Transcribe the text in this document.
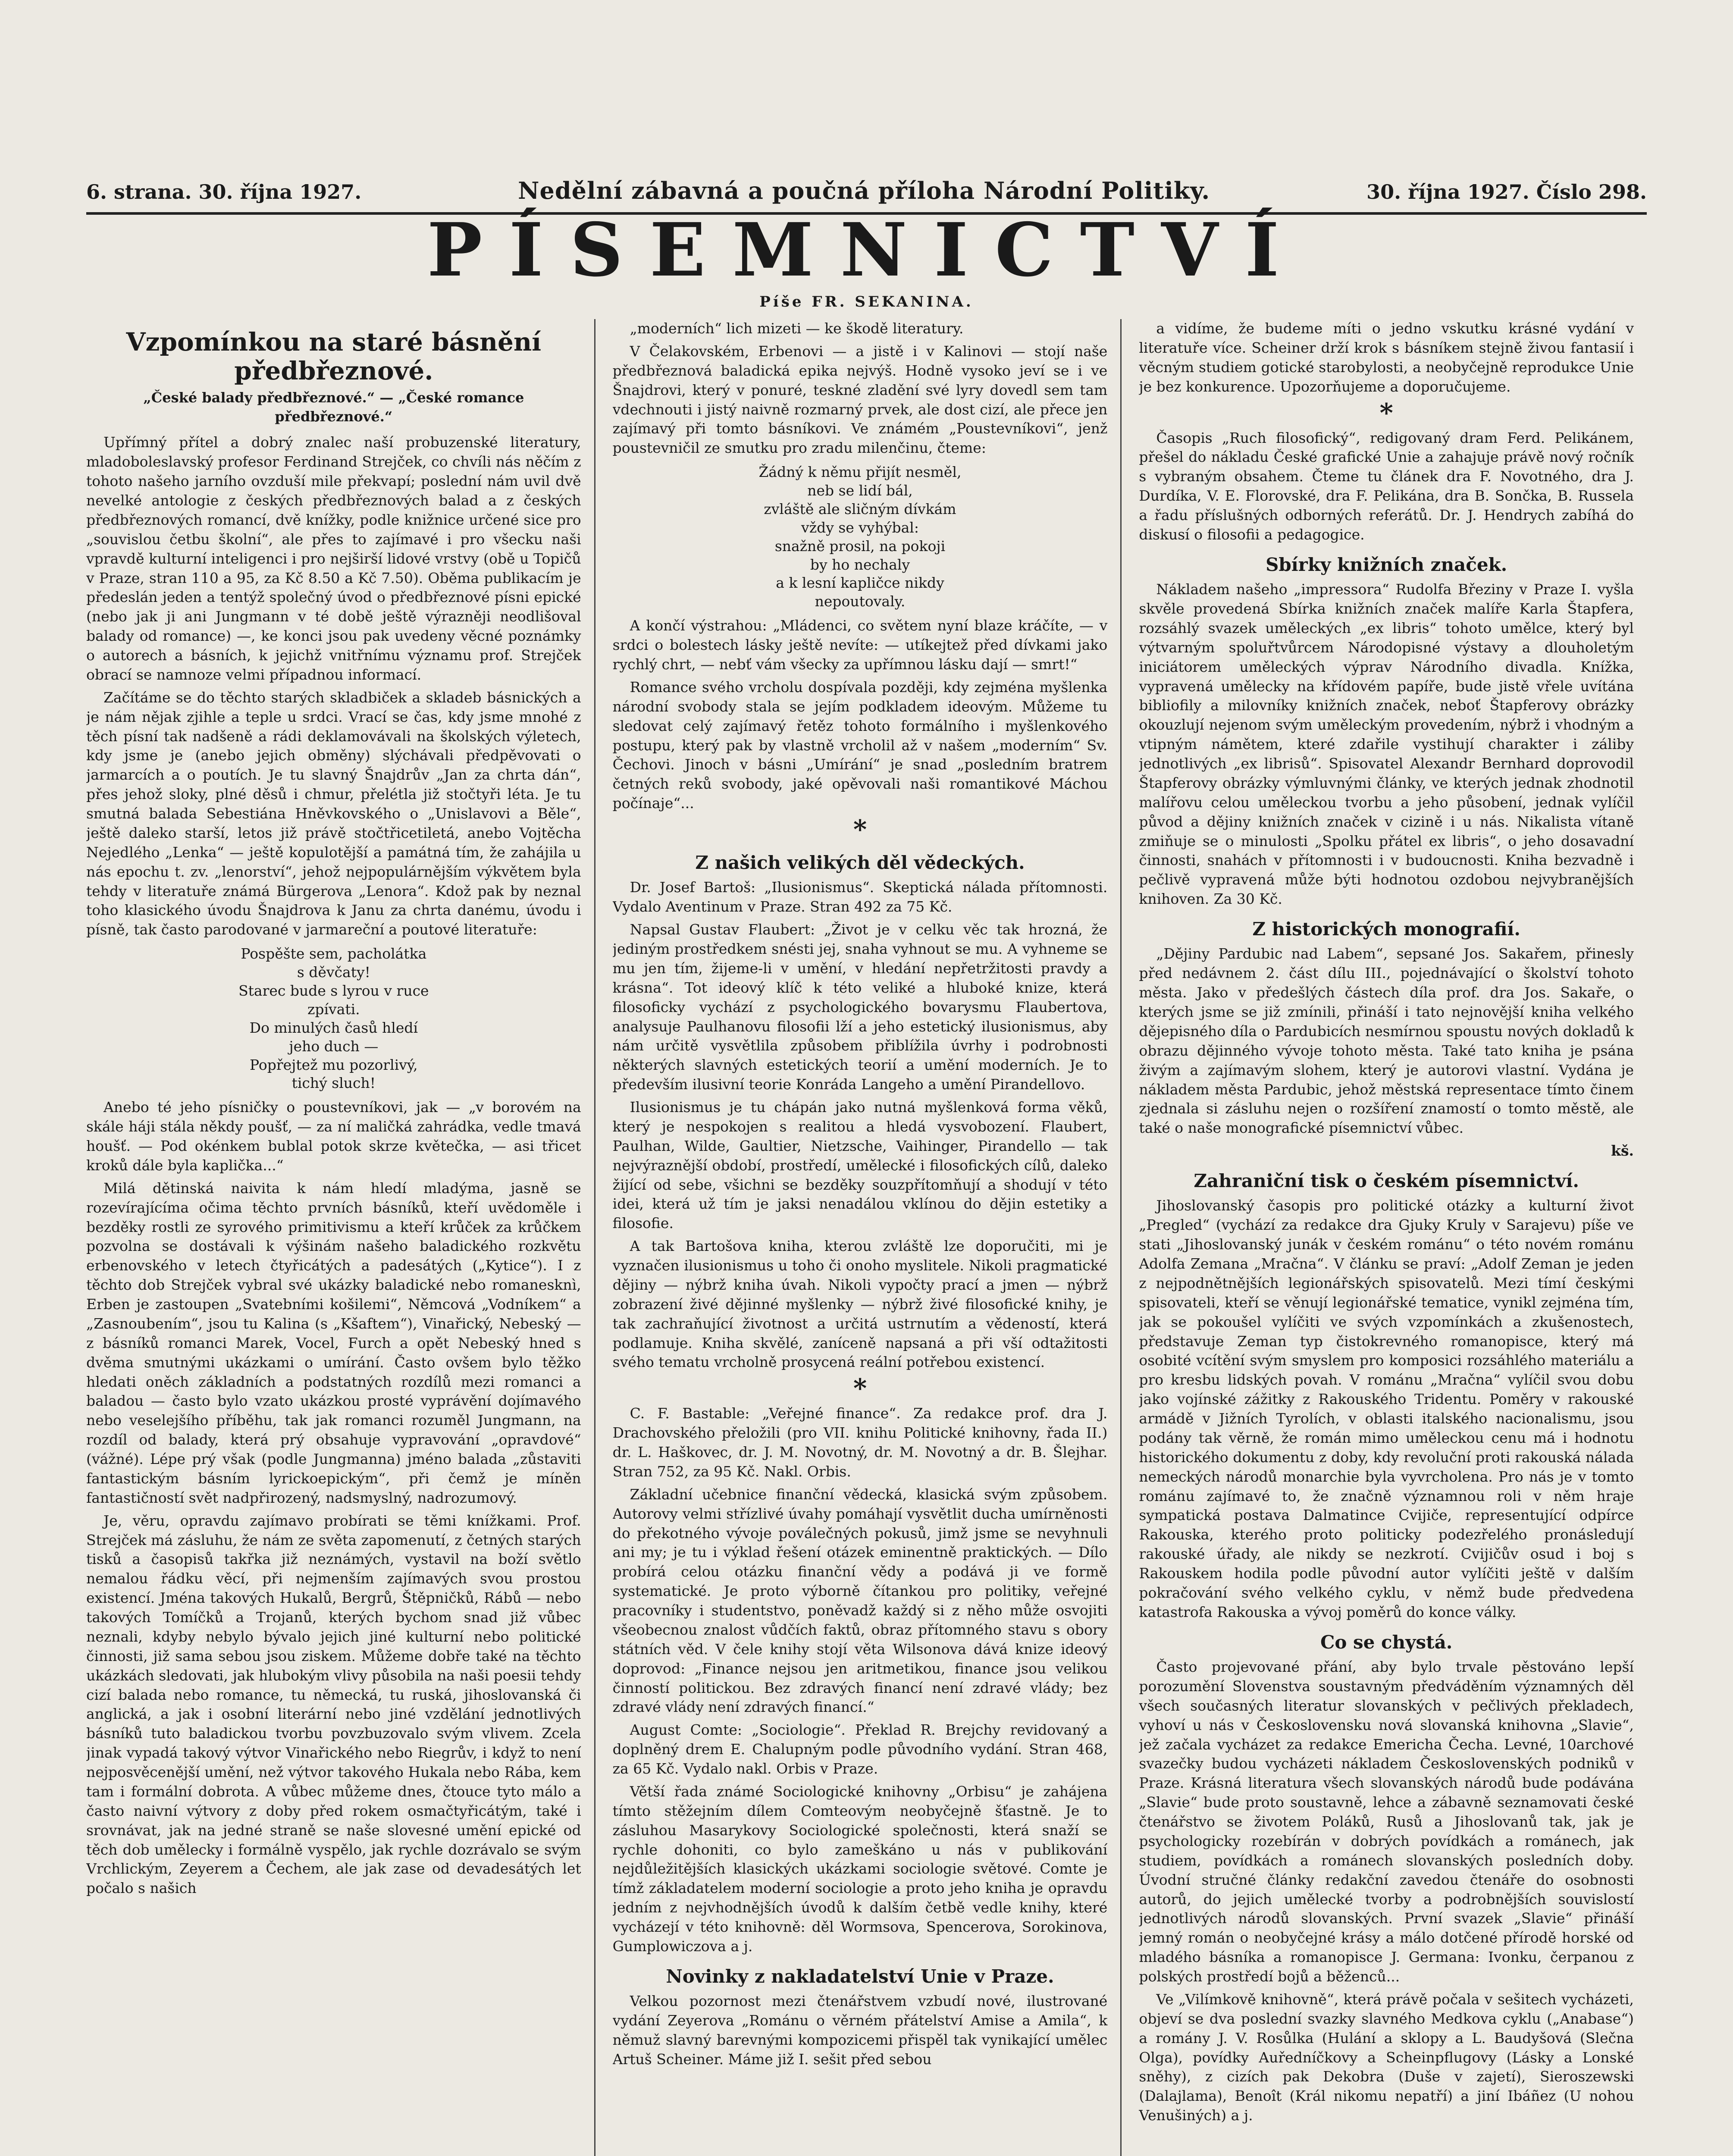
6. strana. 30. října 1927.	Nedělní zábavná a poučná příloha Národní Politiky.	30. října 1927. Číslo 298.
PÍSEMNICTVÍ
Píše FR. SEKANINA.
Vzpomínkou na staré básnění předbřeznové.
„České balady předbřeznové.“ — „České romance předbřeznové.“

Upřímný přítel a dobrý znalec naší probuzenské literatury, mladoboleslavský profesor Ferdinand Strejček, co chvíli nás něčím z tohoto našeho jarního ovzduší mile překvapí; poslední nám uvil dvě nevelké antologie z českých předbřeznových balad a z českých předbřeznových romancí, dvě knížky, podle knižnice určené sice pro „souvislou četbu školní“, ale přes to zajímavé i pro všecku naši vpravdě kulturní inteligenci i pro nejširší lidové vrstvy (obě u Topičů v Praze, stran 110 a 95, za Kč 8.50 a Kč 7.50). Oběma publikacím je předeslán jeden a tentýž společný úvod o předbřeznové písni epické (nebo jak ji ani Jungmann v té době ještě výrazněji neodlišoval balady od romance) —, ke konci jsou pak uvedeny věcné poznámky o autorech a básních, k jejichž vnitřnímu významu prof. Strejček obrací se namnoze velmi případnou informací.

Začítáme se do těchto starých skladbiček a skladeb básnických a je nám nějak zjihle a teple u srdci. Vrací se čas, kdy jsme mnohé z těch písní tak nadšeně a rádi deklamovávali na školských výletech, kdy jsme je (anebo jejich obměny) slýchávali předpěvovati o jarmarcích a o poutích. Je tu slavný Šnajdrův „Jan za chrta dán“, přes jehož sloky, plné děsů i chmur, přelétla již stočtyři léta. Je tu smutná balada Sebestiána Hněvkovského o „Unislavovi a Běle“, ještě daleko starší, letos již právě stočtřicetiletá, anebo Vojtěcha Nejedlého „Lenka“ — ještě kopulotější a památná tím, že zahájila u nás epochu t. zv. „lenorství“, jehož nejpopulárnějším výkvětem byla tehdy v literatuře známá Bürgerova „Lenora“. Kdož pak by neznal toho klasického úvodu Šnajdrova k Janu za chrta danému, úvodu i písně, tak často parodované v jarmareční a poutové literatuře:

Pospěšte sem, pacholátka
s děvčaty!
Starec bude s lyrou v ruce
zpívati.
Do minulých časů hledí
jeho duch —
Popřejtež mu pozorlivý,
tichý sluch!

Anebo té jeho písničky o poustevníkovi, jak — „v borovém na skále háji stála někdy poušť, — za ní maličká zahrádka, vedle tmavá houšť. — Pod okénkem bublal potok skrze květečka, — asi třicet kroků dále byla kaplička...“

Milá dětinská naivita k nám hledí mladýma, jasně se rozevírajícíma očima těchto prvních básníků, kteří uvědoměle i bezděky rostli ze syrového primitivismu a kteří krůček za krůčkem pozvolna se dostávali k výšinám našeho baladického rozkvětu erbenovského v letech čtyřicátých a padesátých („Kytice“). I z těchto dob Strejček vybral své ukázky baladické nebo romanesknì, Erben je zastoupen „Svatebními košilemi“, Němcová „Vodníkem“ a „Zasnoubením“, jsou tu Kalina (s „Kšaftem“), Vinařický, Nebeský — z básníků romanci Marek, Vocel, Furch a opět Nebeský hned s dvěma smutnými ukázkami o umírání. Často ovšem bylo těžko hledati oněch základních a podstatných rozdílů mezi romanci a baladou — často bylo vzato ukázkou prosté vyprávění dojímavého nebo veselejšího příběhu, tak jak romanci rozuměl Jungmann, na rozdíl od balady, která prý obsahuje vypravování „opravdové“ (vážné). Lépe prý však (podle Jungmanna) jméno balada „zůstaviti fantastickým básním lyrickoepickým“, při čemž je míněn fantastičností svět nadpřirozený, nadsmyslný, nadrozumový.

Je, věru, opravdu zajímavo probírati se těmi knížkami. Prof. Strejček má zásluhu, že nám ze světa zapomenutí, z četných starých tisků a časopisů takřka již neznámých, vystavil na boží světlo nemalou řádku věcí, při nejmenším zajímavých svou prostou existencí. Jména takových Hukalů, Bergrů, Štěpničků, Rábů — nebo takových Tomíčků a Trojanů, kterých bychom snad již vůbec neznali, kdyby nebylo bývalo jejich jiné kulturní nebo politické činnosti, již sama sebou jsou ziskem. Můžeme dobře také na těchto ukázkách sledovati, jak hlubokým vlivy působila na naši poesii tehdy cizí balada nebo romance, tu německá, tu ruská, jihoslovanská či anglická, a jak i osobní literární nebo jiné vzdělání jednotlivých básníků tuto baladickou tvorbu povzbuzovalo svým vlivem. Zcela jinak vypadá takový výtvor Vinařického nebo Riegrův, i když to není nejposvěcenější umění, než výtvor takového Hukala nebo Rába, kem tam i formální dobrota. A vůbec můžeme dnes, čtouce tyto málo a často naivní výtvory z doby před rokem osmačtyřicátým, také i srovnávat, jak na jedné straně se naše slovesné umění epické od těch dob umělecky i formálně vyspělo, jak rychle dozrávalo se svým Vrchlickým, Zeyerem a Čechem, ale jak zase od devadesátých let počalo s našich

„moderních“ lich mizeti — ke škodě literatury.

V Čelakovském, Erbenovi — a jistě i v Kalinovi — stojí naše předbřeznová baladická epika nejvýš. Hodně vysoko jeví se i ve Šnajdrovi, který v ponuré, teskné zladění své lyry dovedl sem tam vdechnouti i jistý naivně rozmarný prvek, ale dost cizí, ale přece jen zajímavý při tomto básníkovi. Ve známém „Poustevníkovi“, jenž poustevničil ze smutku pro zradu milenčinu, čteme:

Žádný k němu přijít nesměl,
neb se lidí bál,
zvláště ale sličným dívkám
vždy se vyhýbal:
snažně prosil, na pokoji
by ho nechaly
a k lesní kapličce nikdy
nepoutovaly.

A končí výstrahou: „Mládenci, co světem nyní blaze kráčíte, — v srdci o bolestech lásky ještě nevíte: — utíkejtež před dívkami jako rychlý chrt, — nebť vám všecky za upřímnou lásku dají — smrt!“

Romance svého vrcholu dospívala později, kdy zejména myšlenka národní svobody stala se jejím podkladem ideovým. Můžeme tu sledovat celý zajímavý řetěz tohoto formálního i myšlenkového postupu, který pak by vlastně vrcholil až v našem „moderním“ Sv. Čechovi. Jinoch v básni „Umírání“ je snad „posledním bratrem četných reků svobody, jaké opěvovali naši romantikové Máchou počínaje“...

*
Z našich velikých děl vědeckých.

Dr. Josef Bartoš: „Ilusionismus“. Skeptická nálada přítomnosti. Vydalo Aventinum v Praze. Stran 492 za 75 Kč.

Napsal Gustav Flaubert: „Život je v celku věc tak hrozná, že jediným prostředkem snésti jej, snaha vyhnout se mu. A vyhneme se mu jen tím, žijeme-li v umění, v hledání nepřetržitosti pravdy a krásna“. Tot ideový klíč k této veliké a hluboké knize, která filosoficky vychází z psychologického bovarysmu Flaubertova, analysuje Paulhanovu filosofii lží a jeho estetický ilusionismus, aby nám určitě vysvětlila způsobem přiblížila úvrhy i podrobnosti některých slavných estetických teorií a umění moderních. Je to především ilusivní teorie Konráda Langeho a umění Pirandellovo.

Ilusionismus je tu chápán jako nutná myšlenková forma věků, který je nespokojen s realitou a hledá vysvobození. Flaubert, Paulhan, Wilde, Gaultier, Nietzsche, Vaihinger, Pirandello — tak nejvýraznější období, prostředí, umělecké i filosofických cílů, daleko žijící od sebe, všichni se bezděky souzpřítomňují a shodují v této idei, která už tím je jaksi nenadálou vklínou do dějin estetiky a filosofie.

A tak Bartošova kniha, kterou zvláště lze doporučiti, mi je vyznačen ilusionismus u toho či onoho myslitele. Nikoli pragmatické dějiny — nýbrž kniha úvah. Nikoli vypočty prací a jmen — nýbrž zobrazení živé dějinné myšlenky — nýbrž živé filosofické knihy, je tak zachraňující životnost a určitá ustrnutím a vědeností, která podlamuje. Kniha skvělé, zaníceně napsaná a při vší odtažitosti svého tematu vrcholně prosycená reální potřebou existencí.

*

C. F. Bastable: „Veřejné finance“. Za redakce prof. dra J. Drachovského přeložili (pro VII. knihu Politické knihovny, řada II.) dr. L. Haškovec, dr. J. M. Novotný, dr. M. Novotný a dr. B. Šlejhar. Stran 752, za 95 Kč. Nakl. Orbis.

Základní učebnice finanční vědecká, klasická svým způsobem. Autorovy velmi střízlivé úvahy pomáhají vysvětlit ducha umírněnosti do překotného vývoje poválečných pokusů, jimž jsme se nevyhnuli ani my; je tu i výklad řešení otázek eminentně praktických. — Dílo probírá celou otázku finanční vědy a podává ji ve formě systematické. Je proto výborně čítankou pro politiky, veřejné pracovníky i studentstvo, poněvadž každý si z něho může osvojiti všeobecnou znalost vůdčích faktů, obraz přítomného stavu s obory státních věd. V čele knihy stojí věta Wilsonova dává knize ideový doprovod: „Finance nejsou jen aritmetikou, finance jsou velikou činností politickou. Bez zdravých financí není zdravé vlády; bez zdravé vlády není zdravých financí.“

August Comte: „Sociologie“. Překlad R. Brejchy revidovaný a doplněný drem E. Chalupným podle původního vydání. Stran 468, za 65 Kč. Vydalo nakl. Orbis v Praze.

Větší řada známé Sociologické knihovny „Orbisu“ je zahájena tímto stěžejním dílem Comteovým neobyčejně šťastně. Je to zásluhou Masarykovy Sociologické společnosti, která snaží se rychle dohoniti, co bylo zameškáno u nás v publikování nejdůležitějších klasických ukázkami sociologie světové. Comte je tímž základatelem moderní sociologie a proto jeho kniha je opravdu jedním z nejvhodnějších úvodů k dalším četbě vedle knihy, které vycházejí v této knihovně: děl Wormsova, Spencerova, Sorokinova, Gumplowiczova a j.

Novinky z nakladatelství Unie v Praze.

Velkou pozornost mezi čtenářstvem vzbudí nové, ilustrované vydání Zeyerova „Románu o věrném přátelství Amise a Amila“, k němuž slavný barevnými kompozicemi přispěl tak vynikající umělec Artuš Scheiner. Máme již I. sešit před sebou

a vidíme, že budeme míti o jedno vskutku krásné vydání v literatuře více. Scheiner drží krok s básníkem stejně živou fantasií i věcným studiem gotické starobylosti, a neobyčejně reprodukce Unie je bez konkurence. Upozorňujeme a doporučujeme.

*

Časopis „Ruch filosofický“, redigovaný dram Ferd. Pelikánem, přešel do nákladu České grafické Unie a zahajuje právě nový ročník s vybraným obsahem. Čteme tu článek dra F. Novotného, dra J. Durdíka, V. E. Florovské, dra F. Pelikána, dra B. Sončka, B. Russela a řadu příslušných odborných referátů. Dr. J. Hendrych zabíhá do diskusí o filosofii a pedagogice.

Sbírky knižních značek.

Nákladem našeho „impressora“ Rudolfa Březiny v Praze I. vyšla skvěle provedená Sbírka knižních značek malíře Karla Štapfera, rozsáhlý svazek uměleckých „ex libris“ tohoto umělce, který byl výtvarným spoluřtvůrcem Národopisné výstavy a dlouholetým iniciátorem uměleckých výprav Národního divadla. Knížka, vypravená umělecky na křídovém papíře, bude jistě vřele uvítána bibliofily a milovníky knižních značek, neboť Štapferovy obrázky okouzlují nejenom svým uměleckým provedením, nýbrž i vhodným a vtipným námětem, které zdařile vystihují charakter i záliby jednotlivých „ex librisů“. Spisovatel Alexandr Bernhard doprovodil Štapferovy obrázky výmluvnými články, ve kterých jednak zhodnotil malířovu celou uměleckou tvorbu a jeho působení, jednak vylíčil původ a dějiny knižních značek v cizině i u nás. Nikalista vítaně zmiňuje se o minulosti „Spolku přátel ex libris“, o jeho dosavadní činnosti, snahách v přítomnosti i v budoucnosti. Kniha bezvadně i pečlivě vypravená může býti hodnotou ozdobou nejvybranějších knihoven. Za 30 Kč.

Z historických monografií.

„Dějiny Pardubic nad Labem“, sepsané Jos. Sakařem, přinesly před nedávnem 2. část dílu III., pojednávající o školství tohoto města. Jako v předešlých částech díla prof. dra Jos. Sakaře, o kterých jsme se již zmínili, přináší i tato nejnovější kniha velkého dějepisného díla o Pardubicích nesmírnou spoustu nových dokladů k obrazu dějinného vývoje tohoto města. Také tato kniha je psána živým a zajímavým slohem, který je autorovi vlastní. Vydána je nákladem města Pardubic, jehož městská representace tímto činem zjednala si zásluhu nejen o rozšíření znamostí o tomto městě, ale také o naše monografické písemnictví vůbec.

kš.
Zahraniční tisk o českém písemnictví.

Jihoslovanský časopis pro politické otázky a kulturní život „Pregled“ (vychází za redakce dra Gjuky Kruly v Sarajevu) píše ve stati „Jihoslovanský junák v českém románu“ o této novém románu Adolfa Zemana „Mračna“. V článku se praví: „Adolf Zeman je jeden z nejpodnětnějších legionářských spisovatelů. Mezi tímí českými spisovateli, kteří se věnují legionářské tematice, vynikl zejména tím, jak se pokoušel vylíčiti ve svých vzpomínkách a zkušenostech, představuje Zeman typ čistokrevného romanopisce, který má osobité vcítění svým smyslem pro komposici rozsáhlého materiálu a pro kresbu lidských povah. V románu „Mračna“ vylíčil svou dobu jako vojínské zážitky z Rakouského Tridentu. Poměry v rakouské armádě v Jižních Tyrolích, v oblasti italského nacionalismu, jsou podány tak věrně, že román mimo uměleckou cenu má i hodnotu historického dokumentu z doby, kdy revoluční proti rakouská nálada nemeckých národů monarchie byla vyvrcholena. Pro nás je v tomto románu zajímavé to, že značně významnou roli v něm hraje sympatická postava Dalmatince Cvijiče, representující odpírce Rakouska, kterého proto politicky podezřelého pronásledují rakouské úřady, ale nikdy se nezkrotí. Cvijičův osud i boj s Rakouskem hodila podle původní autor vylíčiti ještě v dalším pokračování svého velkého cyklu, v němž bude předvedena katastrofa Rakouska a vývoj poměrů do konce války.

Co se chystá.

Často projevované přání, aby bylo trvale pěstováno lepší porozumění Slovenstva soustavným předváděním významných děl všech současných literatur slovanských v pečlivých překladech, vyhoví u nás v Československu nová slovanská knihovna „Slavie“, jež začala vycházet za redakce Emericha Čecha. Levné, 10archové svazečky budou vycházeti nákladem Československých podniků v Praze. Krásná literatura všech slovanských národů bude podávána „Slavie“ bude proto soustavně, lehce a zábavně seznamovati české čtenářstvo se životem Poláků, Rusů a Jihoslovanů tak, jak je psychologicky rozebírán v dobrých povídkách a románech, jak studiem, povídkách a románech slovanských posledních doby. Úvodní stručné články redakční zavedou čtenáře do osobnosti autorů, do jejich umělecké tvorby a podrobnějších souvislostí jednotlivých národů slovanských. První svazek „Slavie“ přináší jemný román o neobyčejné krásy a málo dotčené přírodě horské od mladého básníka a romanopisce J. Germana: Ivonku, čerpanou z polských prostředí bojů a běženců...

Ve „Vilímkově knihovně“, která právě počala v sešitech vycházeti, objeví se dva poslední svazky slavného Medkova cyklu („Anabase“) a romány J. V. Rosůlka (Hulání a sklopy a L. Baudyšová (Slečna Olga), povídky Auředníčkovy a Scheinpflugovy (Lásky a Lonské sněhy), z cizích pak Dekobra (Duše v zajetí), Sieroszewski (Dalajlama), Benoît (Král nikomu nepatří) a jiní Ibáñez (U nohou Venušiných) a j.
